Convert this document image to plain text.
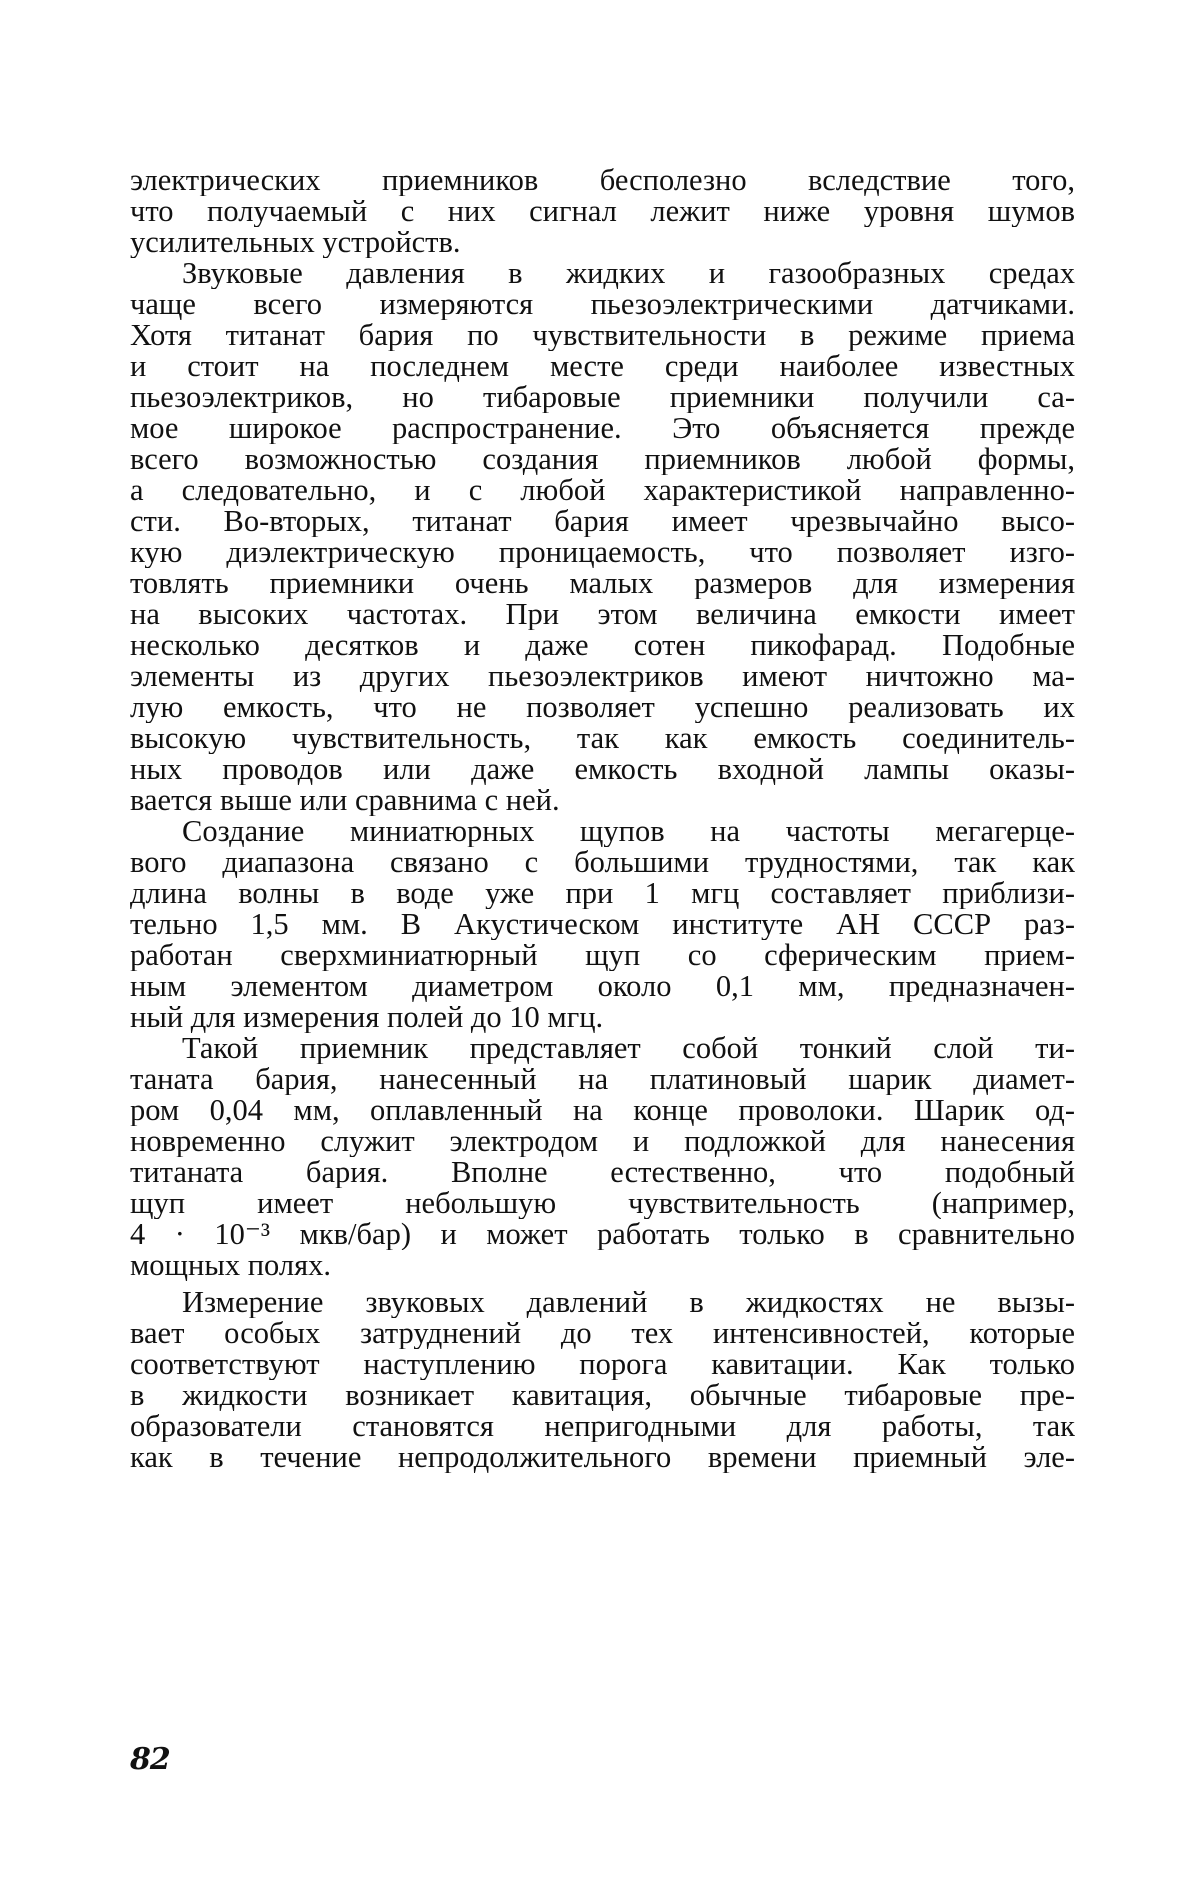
электрических приемников бесполезно вследствие того,
что получаемый с них сигнал лежит ниже уровня шумов
усилительных устройств.
Звуковые давления в жидких и газообразных средах
чаще всего измеряются пьезоэлектрическими датчиками.
Хотя титанат бария по чувствительности в режиме приема
и стоит на последнем месте среди наиболее известных
пьезоэлектриков, но тибаровые приемники получили са-
мое широкое распространение. Это объясняется прежде
всего возможностью создания приемников любой формы,
а следовательно, и с любой характеристикой направленно-
сти. Во-вторых, титанат бария имеет чрезвычайно высо-
кую диэлектрическую проницаемость, что позволяет изго-
товлять приемники очень малых размеров для измерения
на высоких частотах. При этом величина емкости имеет
несколько десятков и даже сотен пикофарад. Подобные
элементы из других пьезоэлектриков имеют ничтожно ма-
лую емкость, что не позволяет успешно реализовать их
высокую чувствительность, так как емкость соединитель-
ных проводов или даже емкость входной лампы оказы-
вается выше или сравнима с ней.
Создание миниатюрных щупов на частоты мегагерце-
вого диапазона связано с большими трудностями, так как
длина волны в воде уже при 1 мгц составляет приблизи-
тельно 1,5 мм. В Акустическом институте АН СССР раз-
работан сверхминиатюрный щуп со сферическим прием-
ным элементом диаметром около 0,1 мм, предназначен-
ный для измерения полей до 10 мгц.
Такой приемник представляет собой тонкий слой ти-
таната бария, нанесенный на платиновый шарик диамет-
ром 0,04 мм, оплавленный на конце проволоки. Шарик од-
новременно служит электродом и подложкой для нанесения
титаната бария. Вполне естественно, что подобный
щуп имеет небольшую чувствительность (например,
4 · 10⁻³ мкв/бар) и может работать только в сравнительно
мощных полях.
Измерение звуковых давлений в жидкостях не вызы-
вает особых затруднений до тех интенсивностей, которые
соответствуют наступлению порога кавитации. Как только
в жидкости возникает кавитация, обычные тибаровые пре-
образователи становятся непригодными для работы, так
как в течение непродолжительного времени приемный эле-
82
